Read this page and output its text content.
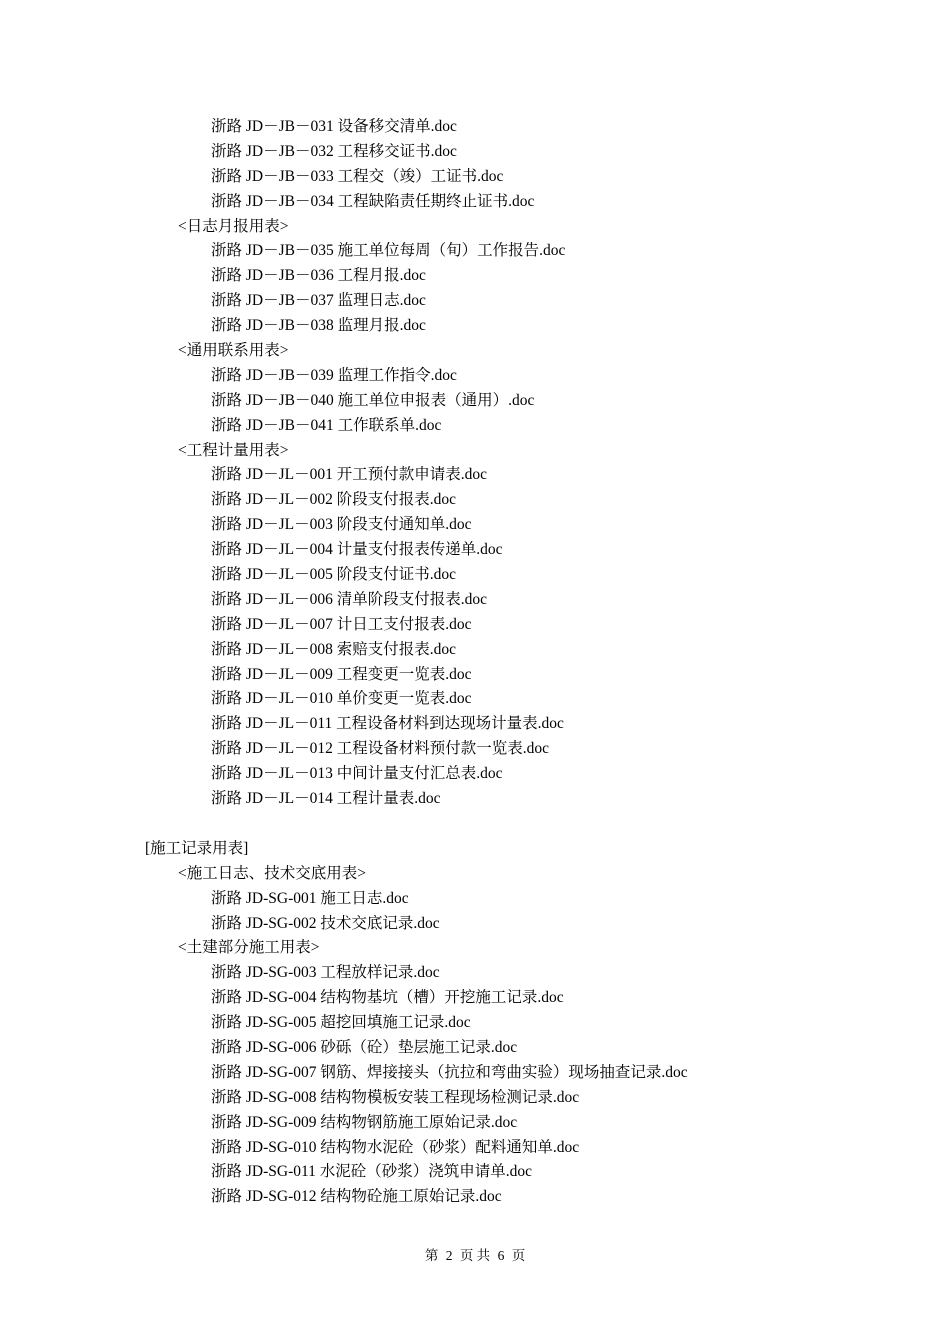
浙路 JD－JB－031 设备移交清单.doc
浙路 JD－JB－032 工程移交证书.doc
浙路 JD－JB－033 工程交（竣）工证书.doc
浙路 JD－JB－034 工程缺陷责任期终止证书.doc
<日志月报用表>
浙路 JD－JB－035 施工单位每周（旬）工作报告.doc
浙路 JD－JB－036 工程月报.doc
浙路 JD－JB－037 监理日志.doc
浙路 JD－JB－038 监理月报.doc
<通用联系用表>
浙路 JD－JB－039 监理工作指令.doc
浙路 JD－JB－040 施工单位申报表（通用）.doc
浙路 JD－JB－041 工作联系单.doc
<工程计量用表>
浙路 JD－JL－001 开工预付款申请表.doc
浙路 JD－JL－002 阶段支付报表.doc
浙路 JD－JL－003 阶段支付通知单.doc
浙路 JD－JL－004 计量支付报表传递单.doc
浙路 JD－JL－005 阶段支付证书.doc
浙路 JD－JL－006 清单阶段支付报表.doc
浙路 JD－JL－007 计日工支付报表.doc
浙路 JD－JL－008 索赔支付报表.doc
浙路 JD－JL－009 工程变更一览表.doc
浙路 JD－JL－010 单价变更一览表.doc
浙路 JD－JL－011 工程设备材料到达现场计量表.doc
浙路 JD－JL－012 工程设备材料预付款一览表.doc
浙路 JD－JL－013 中间计量支付汇总表.doc
浙路 JD－JL－014 工程计量表.doc
[施工记录用表]
<施工日志、技术交底用表>
浙路 JD-SG-001 施工日志.doc
浙路 JD-SG-002 技术交底记录.doc
<土建部分施工用表>
浙路 JD-SG-003 工程放样记录.doc
浙路 JD-SG-004 结构物基坑（槽）开挖施工记录.doc
浙路 JD-SG-005 超挖回填施工记录.doc
浙路 JD-SG-006 砂砾（砼）垫层施工记录.doc
浙路 JD-SG-007 钢筋、焊接接头（抗拉和弯曲实验）现场抽查记录.doc
浙路 JD-SG-008 结构物模板安装工程现场检测记录.doc
浙路 JD-SG-009 结构物钢筋施工原始记录.doc
浙路 JD-SG-010 结构物水泥砼（砂浆）配料通知单.doc
浙路 JD-SG-011 水泥砼（砂浆）浇筑申请单.doc
浙路 JD-SG-012 结构物砼施工原始记录.doc
第 2 页 共 6 页
